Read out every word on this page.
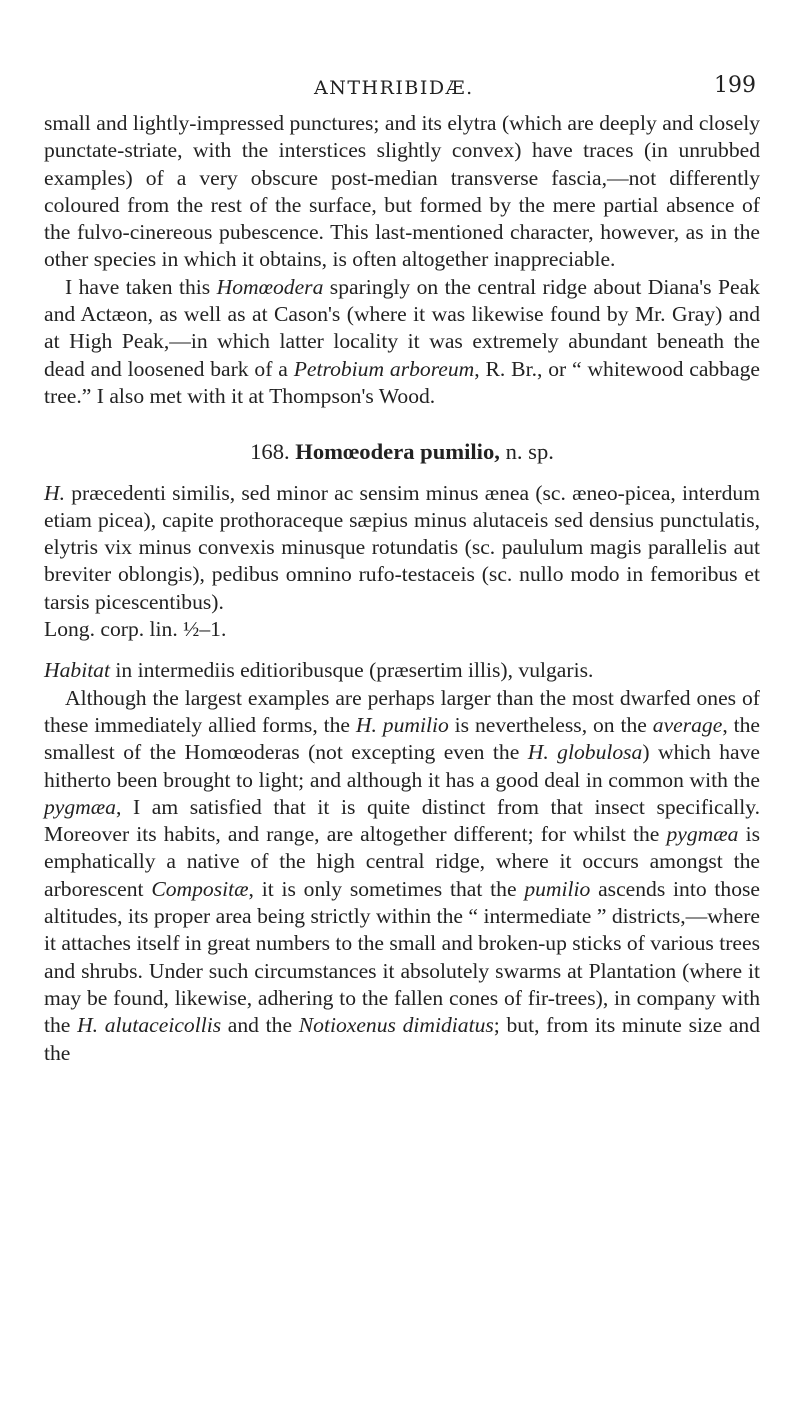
ANTHRIBIDÆ.	199

small and lightly-impressed punctures; and its elytra (which are deeply and closely punctate-striate, with the interstices slightly convex) have traces (in unrubbed examples) of a very obscure post-median transverse fascia,—not differently coloured from the rest of the surface, but formed by the mere partial absence of the fulvo-cinereous pubescence. This last-mentioned character, however, as in the other species in which it obtains, is often altogether inappreciable.

I have taken this Homœodera sparingly on the central ridge about Diana's Peak and Actæon, as well as at Cason's (where it was likewise found by Mr. Gray) and at High Peak,—in which latter locality it was extremely abundant beneath the dead and loosened bark of a Petrobium arboreum, R. Br., or “ whitewood cabbage tree.” I also met with it at Thompson's Wood.

168. Homœodera pumilio, n. sp.

H. præcedenti similis, sed minor ac sensim minus æneа (sc. æneo-picea, interdum etiam picea), capite prothoraceque sæpius minus alutaceis sed densius punctulatis, elytris vix minus convexis minusque rotundatis (sc. paululum magis parallelis aut breviter oblongis), pedibus omnino rufo-testaceis (sc. nullo modo in femoribus et tarsis picescentibus).

Long. corp. lin. ½–1.

Habitat in intermediis editioribusque (præsertim illis), vulgaris.

Although the largest examples are perhaps larger than the most dwarfed ones of these immediately allied forms, the H. pumilio is nevertheless, on the average, the smallest of the Homœoderas (not excepting even the H. globulosa) which have hitherto been brought to light; and although it has a good deal in common with the pygmæa, I am satisfied that it is quite distinct from that insect specifically. Moreover its habits, and range, are altogether different; for whilst the pygmæa is emphatically a native of the high central ridge, where it occurs amongst the arborescent Compositæ, it is only sometimes that the pumilio ascends into those altitudes, its proper area being strictly within the “ intermediate ” districts,—where it attaches itself in great numbers to the small and broken-up sticks of various trees and shrubs. Under such circumstances it absolutely swarms at Plantation (where it may be found, likewise, adhering to the fallen cones of fir-trees), in company with the H. alutaceicollis and the Notioxenus dimidiatus; but, from its minute size and the
